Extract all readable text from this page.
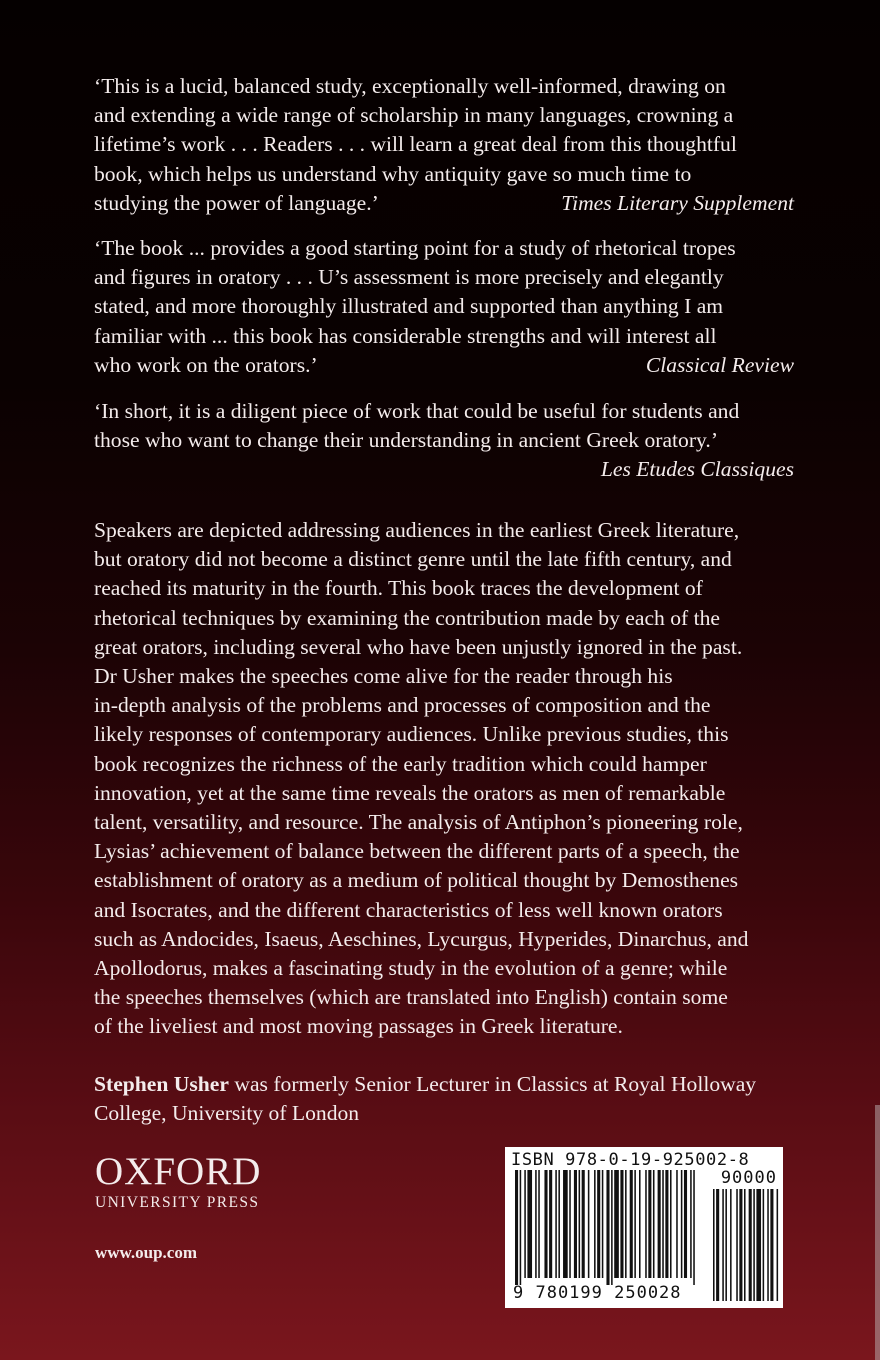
‘This is a lucid, balanced study, exceptionally well-informed, drawing on

and extending a wide range of scholarship in many languages, crowning a

lifetime’s work . . . Readers . . . will learn a great deal from this thoughtful

book, which helps us understand why antiquity gave so much time to

studying the power of language.’	Times Literary Supplement

‘The book ... provides a good starting point for a study of rhetorical tropes

and figures in oratory . . . U’s assessment is more precisely and elegantly

stated, and more thoroughly illustrated and supported than anything I am

familiar with ... this book has considerable strengths and will interest all

who work on the orators.’	Classical Review

‘In short, it is a diligent piece of work that could be useful for students and

those who want to change their understanding in ancient Greek oratory.’

Les Etudes Classiques

Speakers are depicted addressing audiences in the earliest Greek literature,

but oratory did not become a distinct genre until the late fifth century, and

reached its maturity in the fourth. This book traces the development of

rhetorical techniques by examining the contribution made by each of the

great orators, including several who have been unjustly ignored in the past.

Dr Usher makes the speeches come alive for the reader through his

in-depth analysis of the problems and processes of composition and the

likely responses of contemporary audiences. Unlike previous studies, this

book recognizes the richness of the early tradition which could hamper

innovation, yet at the same time reveals the orators as men of remarkable

talent, versatility, and resource. The analysis of Antiphon’s pioneering role,

Lysias’ achievement of balance between the different parts of a speech, the

establishment of oratory as a medium of political thought by Demosthenes

and Isocrates, and the different characteristics of less well known orators

such as Andocides, Isaeus, Aeschines, Lycurgus, Hyperides, Dinarchus, and

Apollodorus, makes a fascinating study in the evolution of a genre; while

the speeches themselves (which are translated into English) contain some

of the liveliest and most moving passages in Greek literature.

Stephen Usher was formerly Senior Lecturer in Classics at Royal Holloway

College, University of London

OXFORD
UNIVERSITY PRESS
www.oup.com
ISBN 978-0-19-925002-8
90000
9 780199 250028
